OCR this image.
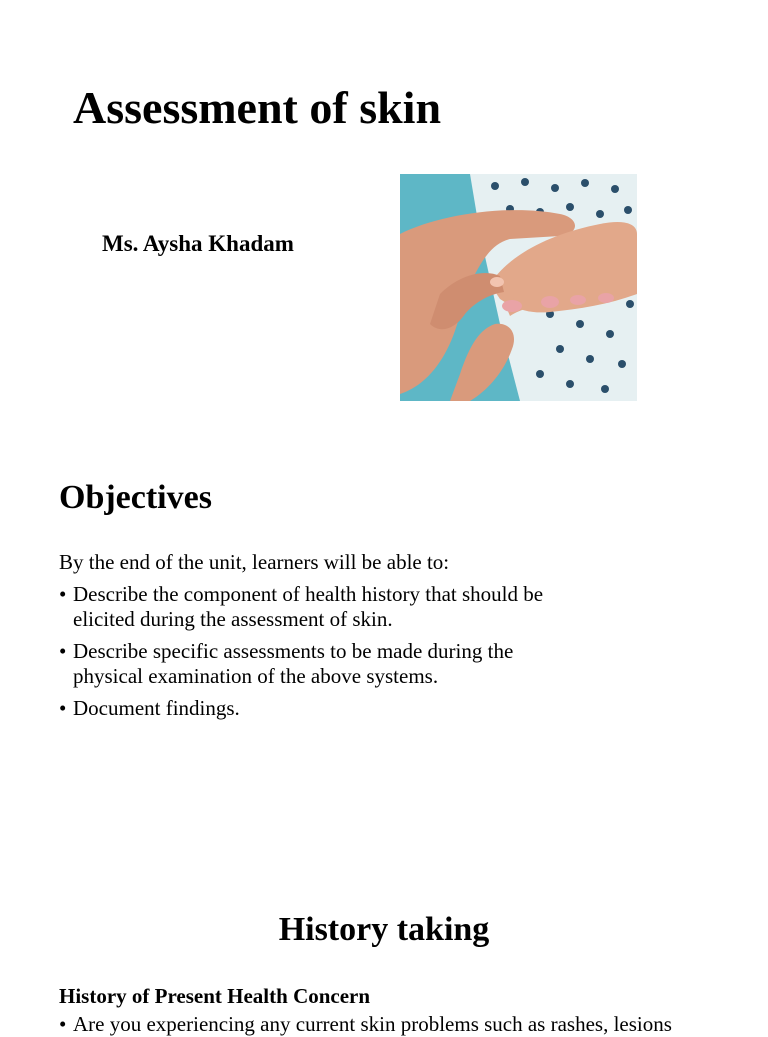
Assessment of skin

Ms. Aysha Khadam

Objectives

By the end of the unit, learners will be able to:

• Describe the component of health history that should be elicited during the assessment of skin.
• Describe specific assessments to be made during the physical examination of the above systems.
• Document findings.
History taking

History of Present Health Concern

• Are you experiencing any current skin problems such as rashes, lesions
